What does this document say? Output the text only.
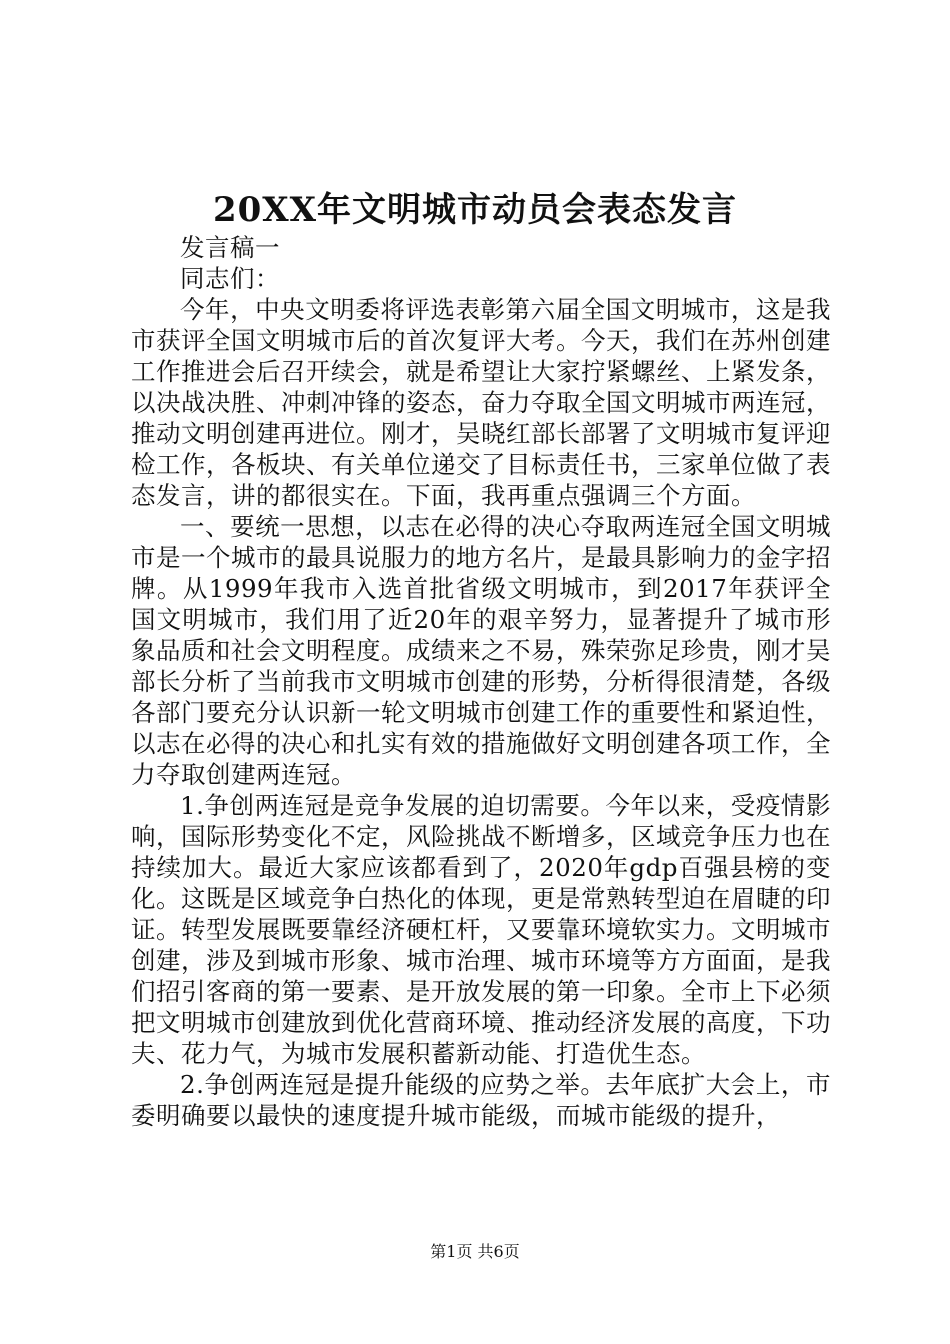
20XX年文明城市动员会表态发言

发言稿一

同志们：

今年，中央文明委将评选表彰第六届全国文明城市，这是我市获评全国文明城市后的首次复评大考。今天，我们在苏州创建工作推进会后召开续会，就是希望让大家拧紧螺丝、上紧发条，以决战决胜、冲刺冲锋的姿态，奋力夺取全国文明城市两连冠，推动文明创建再进位。刚才，吴晓红部长部署了文明城市复评迎检工作，各板块、有关单位递交了目标责任书，三家单位做了表态发言，讲的都很实在。下面，我再重点强调三个方面。

一、要统一思想，以志在必得的决心夺取两连冠全国文明城市是一个城市的最具说服力的地方名片，是最具影响力的金字招牌。从1999年我市入选首批省级文明城市，到2017年获评全国文明城市，我们用了近20年的艰辛努力，显著提升了城市形象品质和社会文明程度。成绩来之不易，殊荣弥足珍贵，刚才吴部长分析了当前我市文明城市创建的形势，分析得很清楚，各级各部门要充分认识新一轮文明城市创建工作的重要性和紧迫性，以志在必得的决心和扎实有效的措施做好文明创建各项工作，全力夺取创建两连冠。

1.争创两连冠是竞争发展的迫切需要。今年以来，受疫情影响，国际形势变化不定，风险挑战不断增多，区域竞争压力也在持续加大。最近大家应该都看到了，2020年gdp百强县榜的变化。这既是区域竞争白热化的体现，更是常熟转型迫在眉睫的印证。转型发展既要靠经济硬杠杆，又要靠环境软实力。文明城市创建，涉及到城市形象、城市治理、城市环境等方方面面，是我们招引客商的第一要素、是开放发展的第一印象。全市上下必须把文明城市创建放到优化营商环境、推动经济发展的高度，下功夫、花力气，为城市发展积蓄新动能、打造优生态。

2.争创两连冠是提升能级的应势之举。去年底扩大会上，市委明确要以最快的速度提升城市能级，而城市能级的提升，

第1页 共6页
